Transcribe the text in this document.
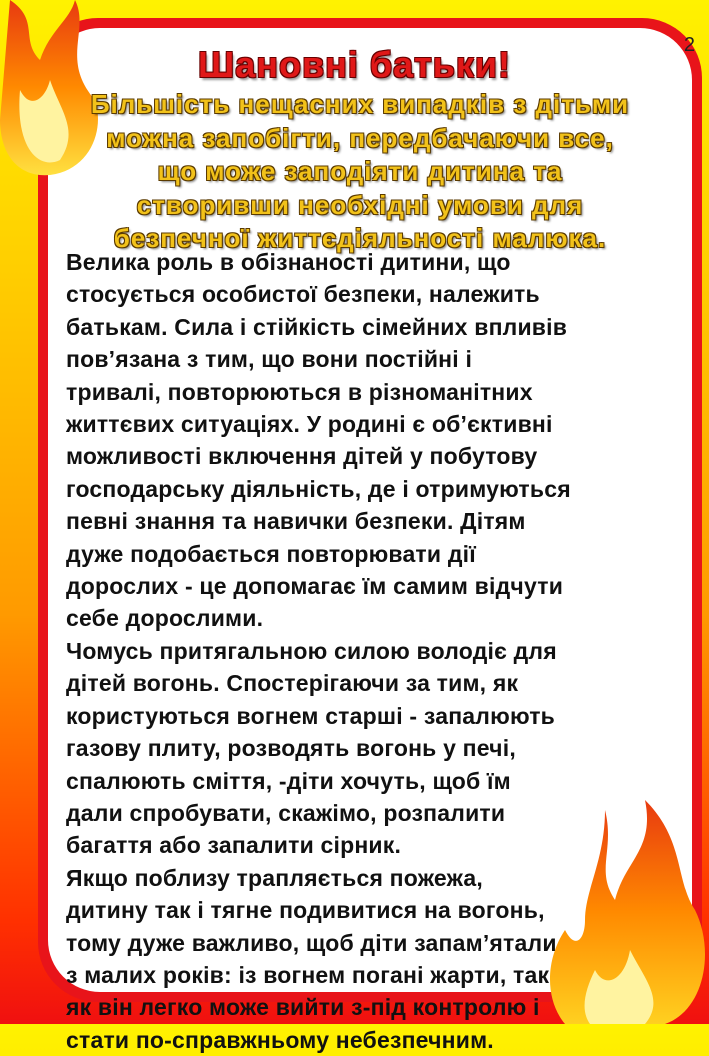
2
Шановні батьки!
Більшість нещасних випадків з дітьми
можна запобігти, передбачаючи все,
що може заподіяти дитина та
створивши необхідні умови для
безпечної життєдіяльності малюка.
Велика роль в обізнаності дитини, що
стосується особистої безпеки, належить
батькам. Сила і стійкість сімейних впливів
пов’язана з тим, що вони постійні і
тривалі, повторюються в різноманітних
життєвих ситуаціях. У родині є об’єктивні
можливості включення дітей у побутову
господарську діяльність, де і отримуються
певні знання та навички безпеки. Дітям
дуже подобається повторювати дії
дорослих - це допомагає їм самим відчути
себе дорослими.
Чомусь притягальною силою володіє для
дітей вогонь. Спостерігаючи за тим, як
користуються вогнем старші - запалюють
газову плиту, розводять вогонь у печі,
спалюють сміття, -діти хочуть, щоб їм
дали спробувати, скажімо, розпалити
багаття або запалити сірник.
Якщо поблизу трапляється пожежа,
дитину так і тягне подивитися на вогонь,
тому дуже важливо, щоб діти запам’ятали
з малих років: із вогнем погані жарти, так
як він легко може вийти з-під контролю і
стати по-справжньому небезпечним.
